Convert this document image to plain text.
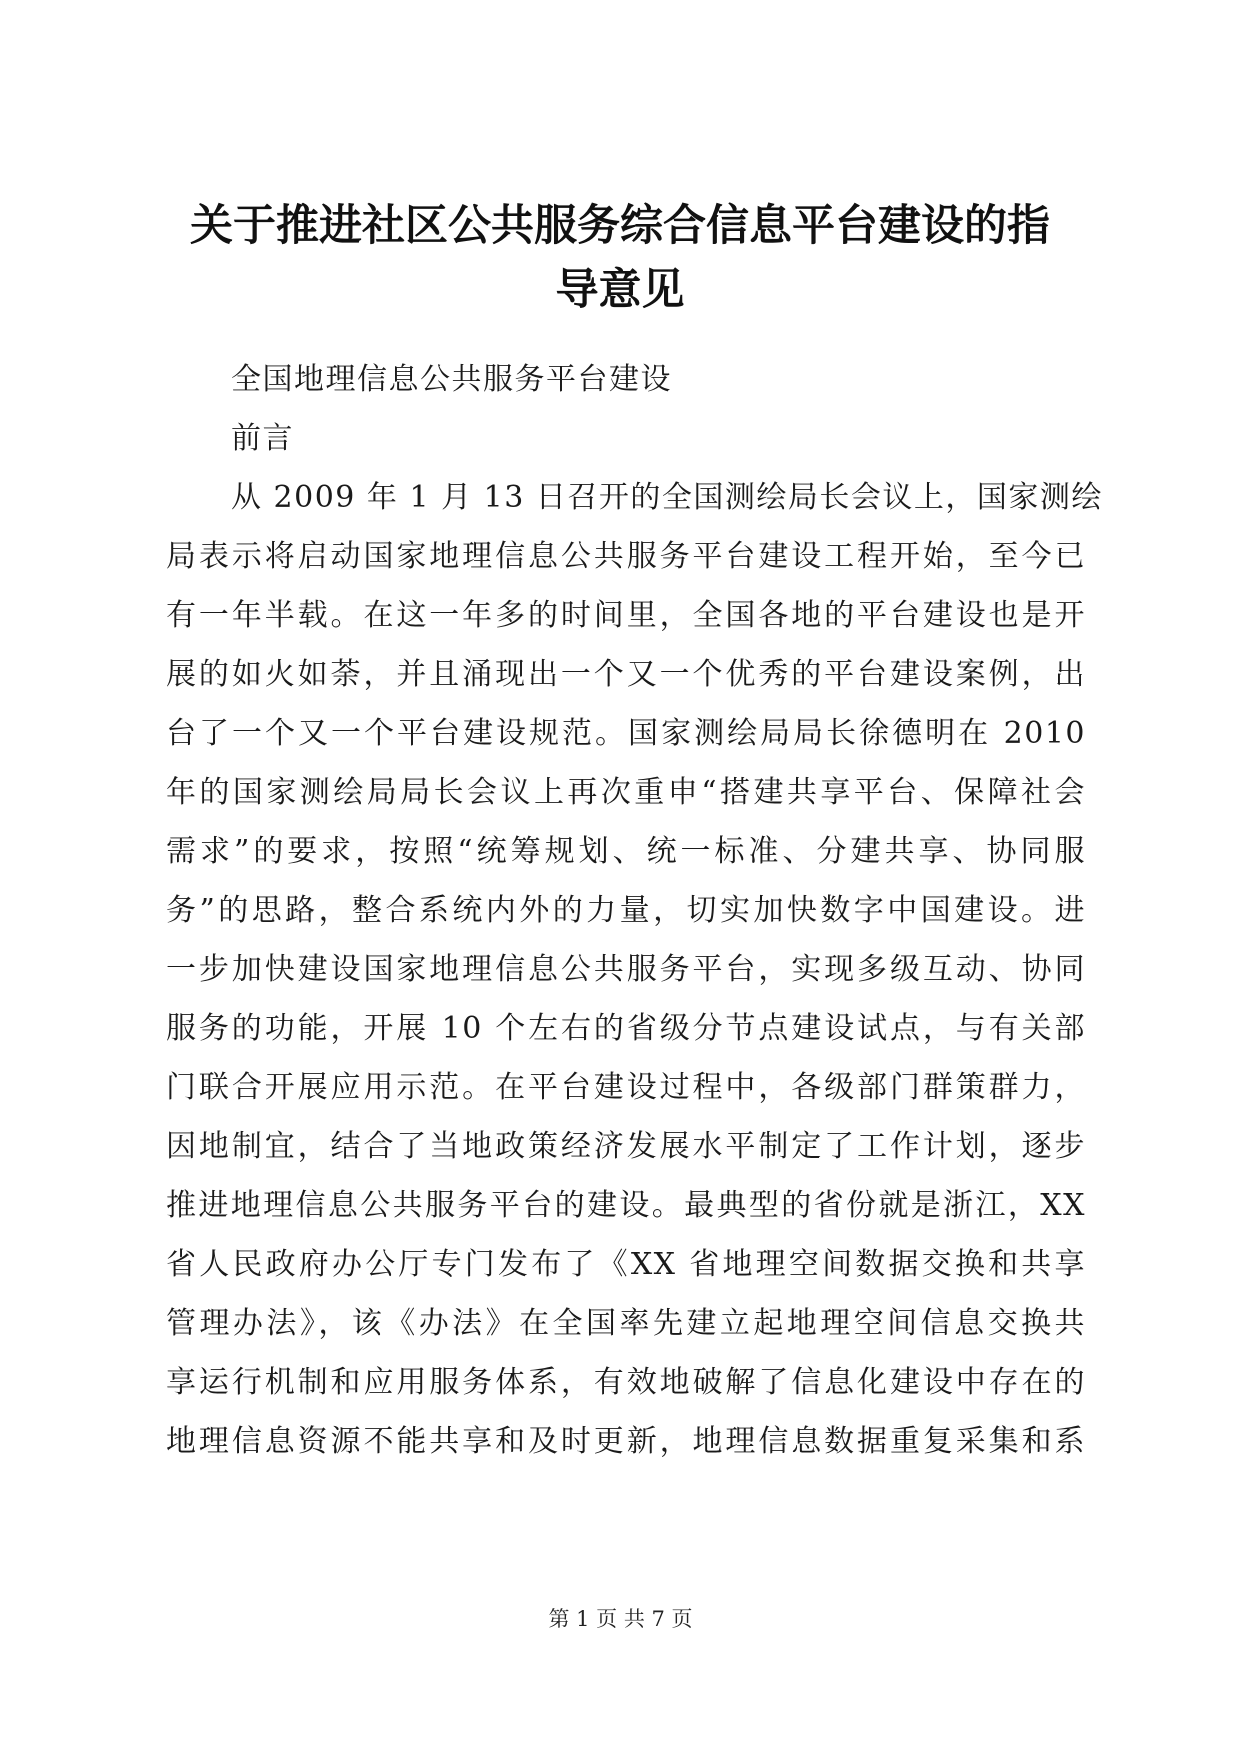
关于推进社区公共服务综合信息平台建设的指
导意见
全国地理信息公共服务平台建设
前言
从 2009 年 1 月 13 日召开的全国测绘局长会议上，国家测绘
局表示将启动国家地理信息公共服务平台建设工程开始，至今已
有一年半载。在这一年多的时间里，全国各地的平台建设也是开
展的如火如荼，并且涌现出一个又一个优秀的平台建设案例，出
台了一个又一个平台建设规范。国家测绘局局长徐德明在 2010
年的国家测绘局局长会议上再次重申“搭建共享平台、保障社会
需求”的要求，按照“统筹规划、统一标准、分建共享、协同服
务”的思路，整合系统内外的力量，切实加快数字中国建设。进
一步加快建设国家地理信息公共服务平台，实现多级互动、协同
服务的功能，开展 10 个左右的省级分节点建设试点，与有关部
门联合开展应用示范。在平台建设过程中，各级部门群策群力，
因地制宜，结合了当地政策经济发展水平制定了工作计划，逐步
推进地理信息公共服务平台的建设。最典型的省份就是浙江，XX
省人民政府办公厅专门发布了《XX 省地理空间数据交换和共享
管理办法》，该《办法》在全国率先建立起地理空间信息交换共
享运行机制和应用服务体系，有效地破解了信息化建设中存在的
地理信息资源不能共享和及时更新，地理信息数据重复采集和系
第 1 页 共 7 页
